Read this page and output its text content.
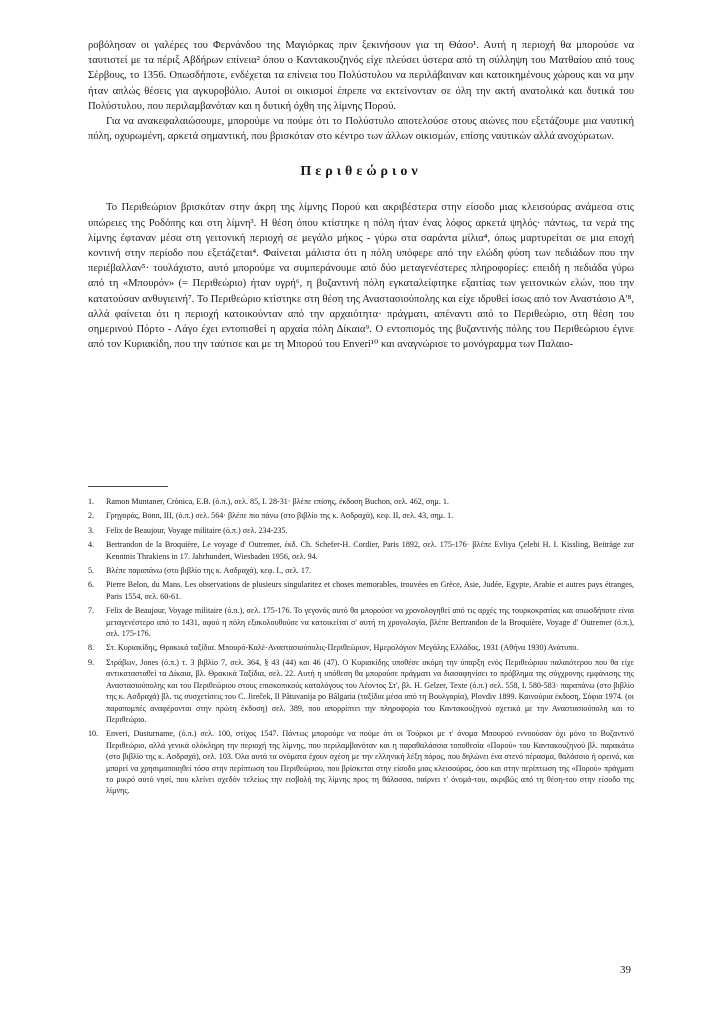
ροβόλησαν οι γαλέρες του Φερνάνδου της Μαγιόρκας πριν ξεκινήσουν για τη Θάσο¹. Αυτή η περιοχή θα μπορούσε να ταυτιστεί με τα πέριξ Αβδήρων επίνεια² όπου ο Καντακουζηνός είχε πλεύσει ύστερα από τη σύλληψη του Ματθαίου από τους Σέρβους, το 1356. Οπωσδήποτε, ενδέχεται τα επίνεια του Πολύστυλου να περιλάβαιναν και κατοικημένους χώρους και να μην ήταν απλώς θέσεις για αγκυροβόλιο. Αυτοί οι οικισμοί έπρεπε να εκτείνονταν σε όλη την ακτή ανατολικά και δυτικά του Πολύστυλου, που περιλαμβανόταν και η δυτική όχθη της λίμνης Πορού.

Για να ανακεφαλαιώσουμε, μπορούμε να πούμε ότι το Πολύστυλο αποτελούσε στους αιώνες που εξετάζουμε μια ναυτική πόλη, οχυρωμένη, αρκετά σημαντική, που βρισκόταν στο κέντρο των άλλων οικισμών, επίσης ναυτικών αλλά ανοχύρωτων.

Περιθεώριον

Το Περιθεώριον βρισκόταν στην άκρη της λίμνης Πορού και ακριβέστερα στην είσοδο μιας κλεισούρας ανάμεσα στις υπώρειες της Ροδόπης και στη λίμνη³. Η θέση όπου κτίστηκε η πόλη ήταν ένας λόφος αρκετά ψηλός· πάντως, τα νερά της λίμνης έφταναν μέσα στη γειτονική περιοχή σε μεγάλο μήκος - γύρω στα σαράντα μίλια⁴, όπως μαρτυρείται σε μια εποχή κοντινή στην περίοδο που εξετάζεται⁴. Φαίνεται μάλιστα ότι η πόλη υπόφερε από την ελώδη φύση των πεδιάδων που την περιέβαλλαν⁵· τουλάχιστο, αυτό μπορούμε να συμπεράνουμε από δύο μεταγενέστερες πληροφορίες: επειδή η πεδιάδα γύρω από τη «Μπουρόν» (= Περιθεώριο) ήταν υγρή⁶, η βυζαντινή πόλη εγκαταλείφτηκε εξαιτίας των γειτονικών ελών, που την κατατούσαν ανθυγιεινή⁷. Το Περιθεώριο κτίστηκε στη θέση της Αναστασιούπολης και είχε ιδρυθεί ίσως από τον Αναστάσιο Α'⁸, αλλά φαίνεται ότι η περιοχή κατοικούνταν από την αρχαιότητα· πράγματι, απέναντι από το Περιθεώριο, στη θέση του σημερινού Πόρτο - Λάγο έχει εντοπισθεί η αρχαία πόλη Δίκαια⁹. Ο εντοπισμός της βυζαντινής πόλης του Περιθεώριου έγινε από τον Κυριακίδη, που την ταύτισε και με τη Μπορού του Enveri¹⁰ και αναγνώρισε το μονόγραμμα των Παλαιο-

1.	Ramon Muntaner, Crònica, E.B. (ό.π.), σελ. 85, I. 28-31· βλέπε επίσης, έκδοση Buchon, σελ. 462, σημ. 1.
2.	Γρηγοράς, Bonn, III, (ό.π.) σελ. 564· βλέπε πιο πάνω (στο βιβλίο της κ. Ασδραχά), κεφ. II, σελ. 43, σημ. 1.
3.	Felix de Beaujour, Voyage militaire (ό.π.) σελ. 234-235.
4.	Bertrandon de la Broquière, Le voyage d' Outremer, έκδ. Ch. Schefer-H. Cordier, Paris 1892, σελ. 175-176· βλέπε Evliya Çelebi H. I. Kissling, Beiträge zur Kenntnis Thrakiens in 17. Jahrhundert, Wiesbaden 1956, σελ. 94.
5.	Βλέπε παραπάνω (στο βιβλίο της κ. Ασδραχά), κεφ. I., σελ. 17.
6.	Pierre Belon, du Mans. Les observations de plusieurs singularitez et choses memorables, trouvées en Grèce, Asie, Judée, Egypte, Arabie et autres pays étranges, Paris 1554, σελ. 60-61.
7.	Felix de Beaujour, Voyage militaire (ό.π.), σελ. 175-176. Το γεγονός αυτό θα μπορούσε να χρονολογηθεί από τις αρχές της τουρκοκρατίας και οπωσδήποτε είναι μεταγενέστερο από το 1431, αφού η πόλη εξακολουθούσε να κατοικείται σ' αυτή τη χρονολογία, βλέπε Bertrandon de la Broquière, Voyage d' Outremer (ό.π.), σελ. 175-176.
8.	Στ. Κυριακίδης, Θρακικά ταξίδια. Μπουρό-Καλέ-Αναστασιούπολις-Περιθεώριον, Ημερολόγιον Μεγάλης Ελλάδος, 1931 (Αθήνα 1930) Ανάτυπο.
9.	Στράβων, Jones (ό.π.) τ. 3 βιβλίο 7, σελ. 364, § 43 (44) και 46 (47). Ο Κυριακίδης υποθέσε ακόμη την ύπαρξη ενός Περιθεώριου παλαιότερου που θα είχε αντικατασταθεί τα Δίκαια, βλ. Θρακικά Ταξίδια, σελ. 22. Αυτή η υπόθεση θα μπορούσε πράγματι να διασαφηνίσει το πρόβλημα της σύγχρονης εμφάνισης της Αναστασιούπολης και του Περιθεώριου στους επισκοπικούς καταλόγους του Λέοντος Στ', βλ. H. Gelzer, Texte (ό.π.) σελ. 558, I. 580-583· παραπάνω (στο βιβλίο της κ. Ασδραχά) βλ. τις συσχετίσεις του C. Jireček, Il Pătuvanija po Bălgaria (ταξίδια μέσα από τη Βουλγαρία), Plovdiv 1899. Καινούρια έκδοση, Σόφια 1974. (οι παραπομπές αναφέρονται στην πρώτη έκδοση) σελ. 389, που απορρίπτει την πληροφορία του Καντακουζηνού σχετικά με την Αναστασιούπολη και το Περιθεώριο.
10. Enveri, Dusturname, (ό.π.) σελ. 100, στίχος 1547. Πάντως μπορούμε να πούμε ότι οι Τούρκοι με τ' όνομα Μπουρού εννοούσαν όχι μόνο το Βυζαντινό Περιθεώριο, αλλά γενικά ολόκληρη την περιοχή της λίμνης, που περιλαμβανόταν και η παραθαλάσσια τοποθεσία «Πορού» του Καντακουζηνού βλ. παρακάτω (στο βιβλίο της κ. Ασδραχά), σελ. 103. Όλα αυτά τα ονόματα έχουν σχέση με την ελληνική λέξη πόρος, που δηλώνει ένα στενό πέρασμα, θαλάσσιο ή ορεινό, και μπορεί να χρησιμοποιηθεί τόσο στην περίπτωση του Περιθεώριου, που βρίσκεται στην είσοδο μιας κλεισούρας, όσο και στην περίπτωση της «Πορού» πράγματι το μικρό αυτό νησί, που κλείνει σχεδόν τελείως την εισβολή της λίμνης προς τη θάλασσα, παίρνει τ' όνομά-του, ακριβώς από τη θέση-του στην είσοδο της λίμνης.
39
